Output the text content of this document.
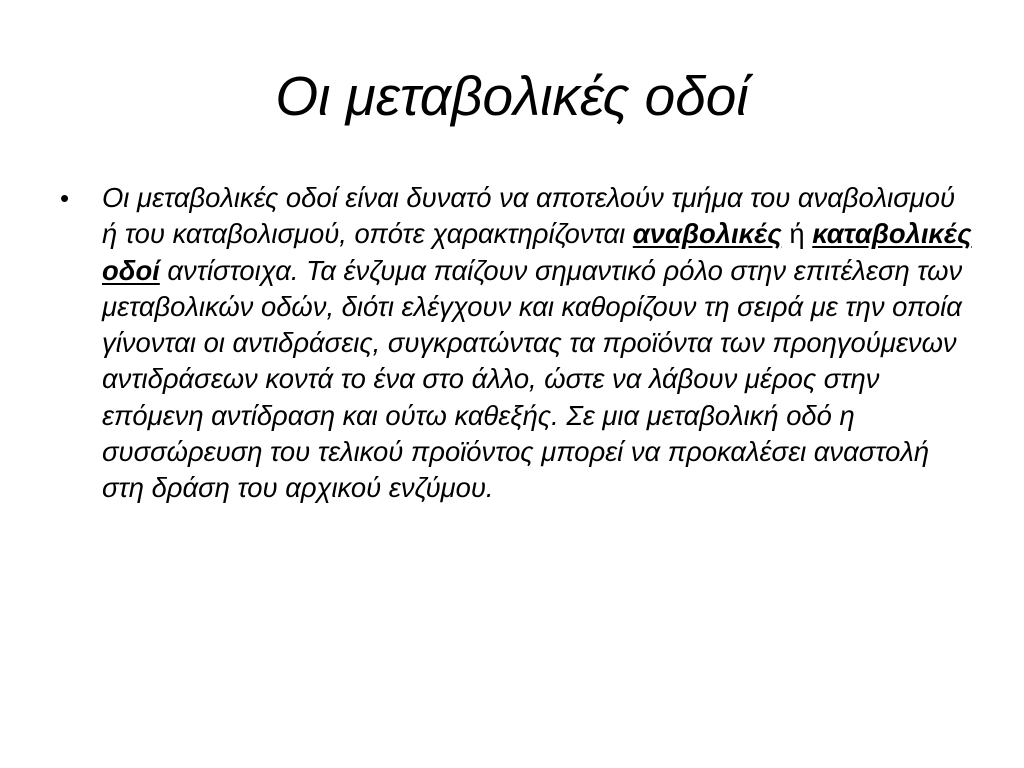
Οι μεταβολικές οδοί
•	Οι μεταβολικές οδοί είναι δυνατό να αποτελούν τμήμα του αναβολισμού ή του καταβολισμού, οπότε χαρακτηρίζονται αναβολικές ή καταβολικές οδοί αντίστοιχα. Τα ένζυμα παίζουν σημαντικό ρόλο στην επιτέλεση των μεταβολικών οδών, διότι ελέγχουν και καθορίζουν τη σειρά με την οποία γίνονται οι αντιδράσεις, συγκρατώντας τα προϊόντα των προηγούμενων αντιδράσεων κοντά το ένα στο άλλο, ώστε να λάβουν μέρος στην επόμενη αντίδραση και ούτω καθεξής. Σε μια μεταβολική οδό η συσσώρευση του τελικού προϊόντος μπορεί να προκαλέσει αναστολή στη δράση του αρχικού ενζύμου.
